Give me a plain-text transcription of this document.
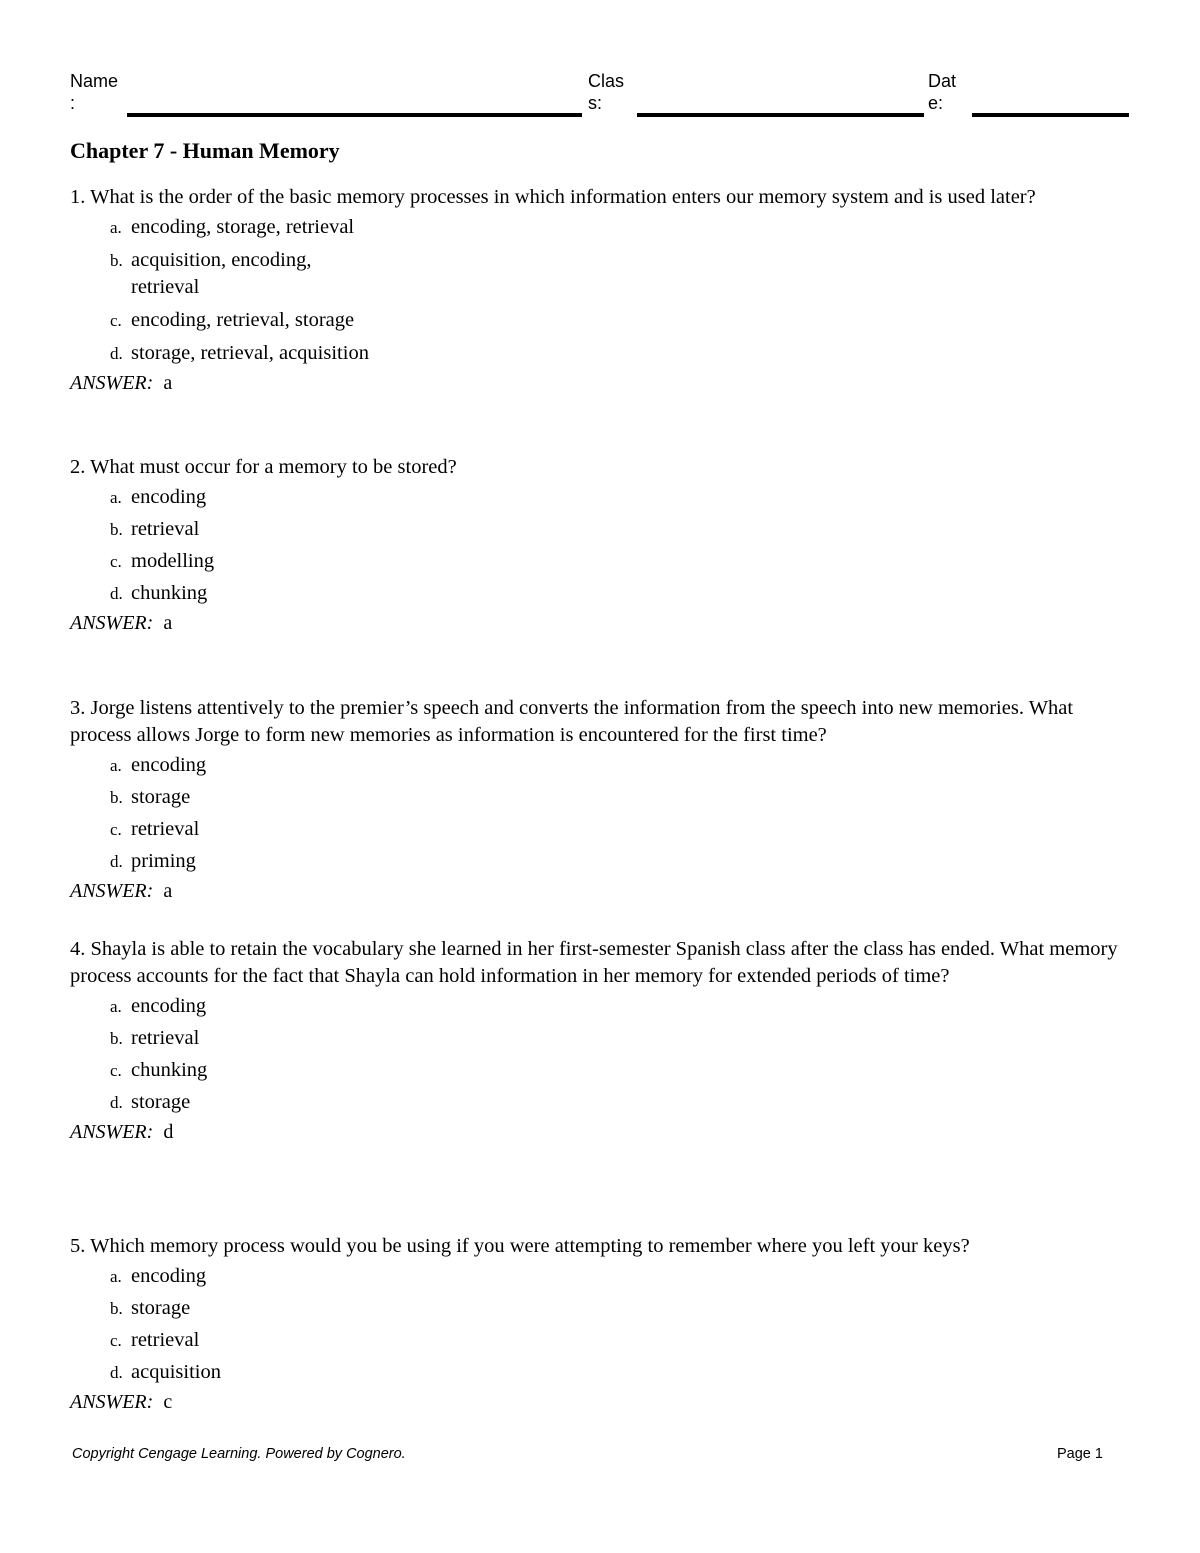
Name
:
Clas
s:
Dat
e:
Chapter 7 - Human Memory

1. What is the order of the basic memory processes in which information enters our memory system and is used later?

a. encoding, storage, retrieval
b. acquisition, encoding, retrieval
c. encoding, retrieval, storage
d. storage, retrieval, acquisition
ANSWER: a

2. What must occur for a memory to be stored?

a. encoding
b. retrieval
c. modelling
d. chunking
ANSWER: a

3. Jorge listens attentively to the premier’s speech and converts the information from the speech into new memories. What process allows Jorge to form new memories as information is encountered for the first time?

a. encoding
b. storage
c. retrieval
d. priming
ANSWER: a

4. Shayla is able to retain the vocabulary she learned in her first-semester Spanish class after the class has ended. What memory process accounts for the fact that Shayla can hold information in her memory for extended periods of time?

a. encoding
b. retrieval
c. chunking
d. storage
ANSWER: d

5. Which memory process would you be using if you were attempting to remember where you left your keys?

a. encoding
b. storage
c. retrieval
d. acquisition
ANSWER: c
Copyright Cengage Learning. Powered by Cognero.	Page 1
